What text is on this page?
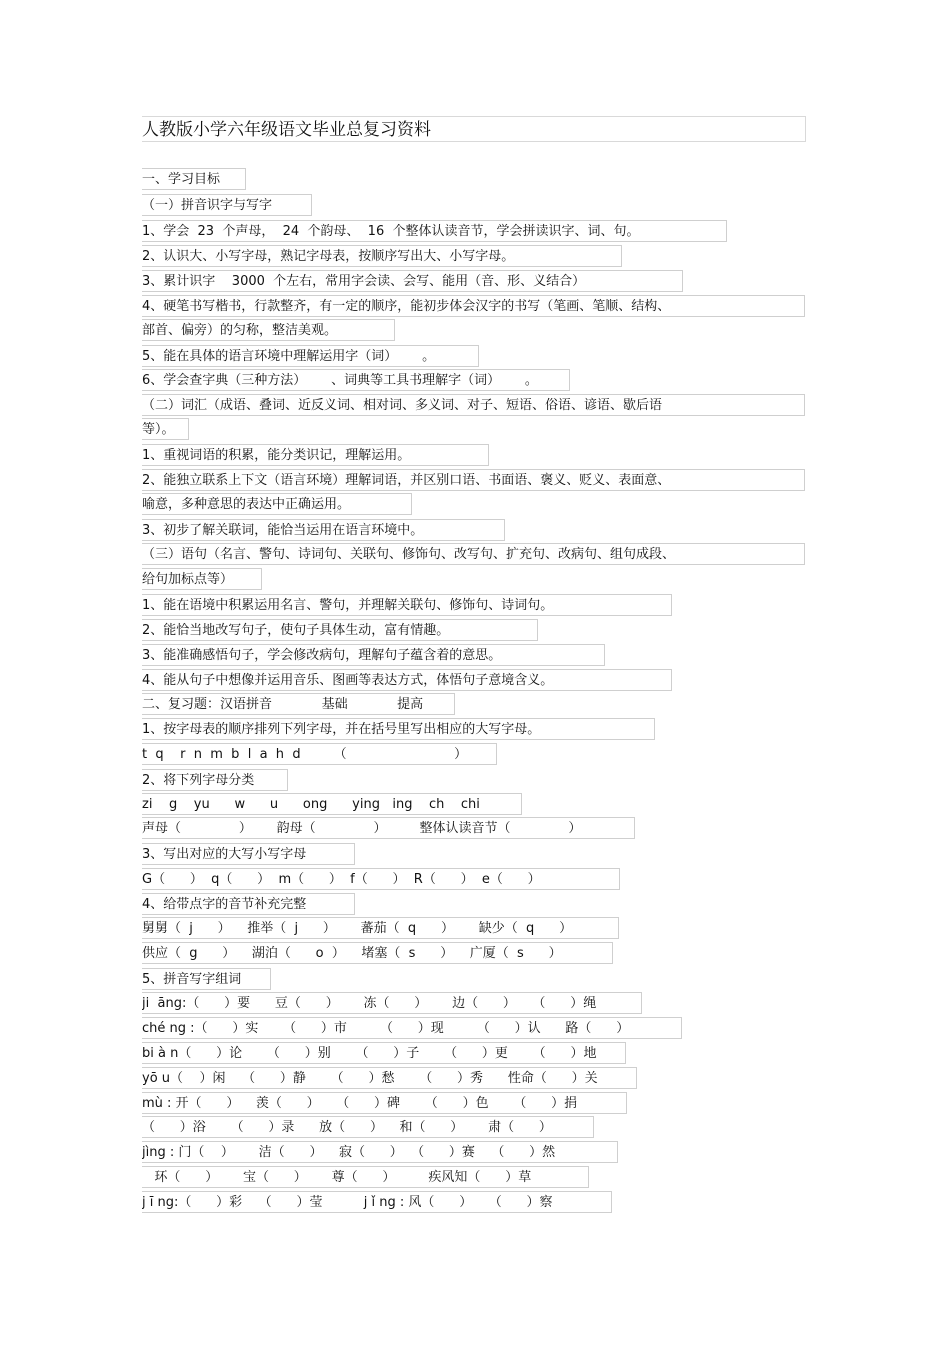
人教版小学六年级语文毕业总复习资料
一、学习目标
（一）拼音识字与写字
1、学会  23  个声母，  24  个韵母、  16  个整体认读音节，学会拼读识字、词、句。
2、认识大、小写字母，熟记字母表，按顺序写出大、小写字母。
3、累计识字    3000  个左右，常用字会读、会写、能用（音、形、义结合）
4、硬笔书写楷书，行款整齐，有一定的顺序，能初步体会汉字的书写（笔画、笔顺、结构、
部首、偏旁）的匀称，整洁美观。
5、能在具体的语言环境中理解运用字（词）      。
6、学会查字典（三种方法）      、词典等工具书理解字（词）      。
（二）词汇（成语、叠词、近反义词、相对词、多义词、对子、短语、俗语、谚语、歇后语
等）。
1、重视词语的积累，能分类识记，理解运用。
2、能独立联系上下文（语言环境）理解词语，并区别口语、书面语、褒义、贬义、表面意、
喻意，多种意思的表达中正确运用。
3、初步了解关联词，能恰当运用在语言环境中。
（三）语句（名言、警句、诗词句、关联句、修饰句、改写句、扩充句、改病句、组句成段、
给句加标点等）
1、能在语境中积累运用名言、警句，并理解关联句、修饰句、诗词句。
2、能恰当地改写句子，使句子具体生动，富有情趣。
3、能准确感悟句子，学会修改病句，理解句子蕴含着的意思。
4、能从句子中想像并运用音乐、图画等表达方式，体悟句子意境含义。
二、复习题：汉语拼音            基础            提高
1、按字母表的顺序排列下列字母，并在括号里写出相应的大写字母。
t  q    r  n  m  b  l  a  h  d        （                          ）
2、将下列字母分类
zi    g    yu      w      u      ong      ying   ing    ch    chi
声母（              ）      韵母（              ）        整体认读音节（              ）
3、写出对应的大写小写字母
G（      ）  q（      ）  m（      ）  f（      ）  R（      ）  e（      ）
4、给带点字的音节补充完整
舅舅（  j      ）    推举（  j      ）      蕃茄（  q      ）      缺少（  q      ）
供应（  g      ）    湖泊（      o  ）    堵塞（  s      ）    广厦（  s      ）
5、拼音写字组词
ji  āng:（      ）要      豆（      ）      冻（      ）      边（      ）    （      ）绳
ché ng :（      ）实      （      ）市        （      ）现        （      ）认      路（      ）
bi à n（      ）论      （      ）别      （      ）子      （      ）更      （      ）地
yō u（    ）闲    （      ）静      （      ）愁      （      ）秀      性命（      ）关
mù : 开（      ）    羡（      ）    （      ）碑      （      ）色      （      ）捐
（      ）浴      （      ）录      放（      ）    和（      ）      肃（      ）
jìng : 门（    ）      洁（      ）    寂（      ）  （      ）赛    （      ）然
环（      ）      宝（      ）      尊（      ）        疾风知（      ）草
j ī ng:（      ）彩    （      ）莹          j ǐ ng : 风（      ）    （      ）察
